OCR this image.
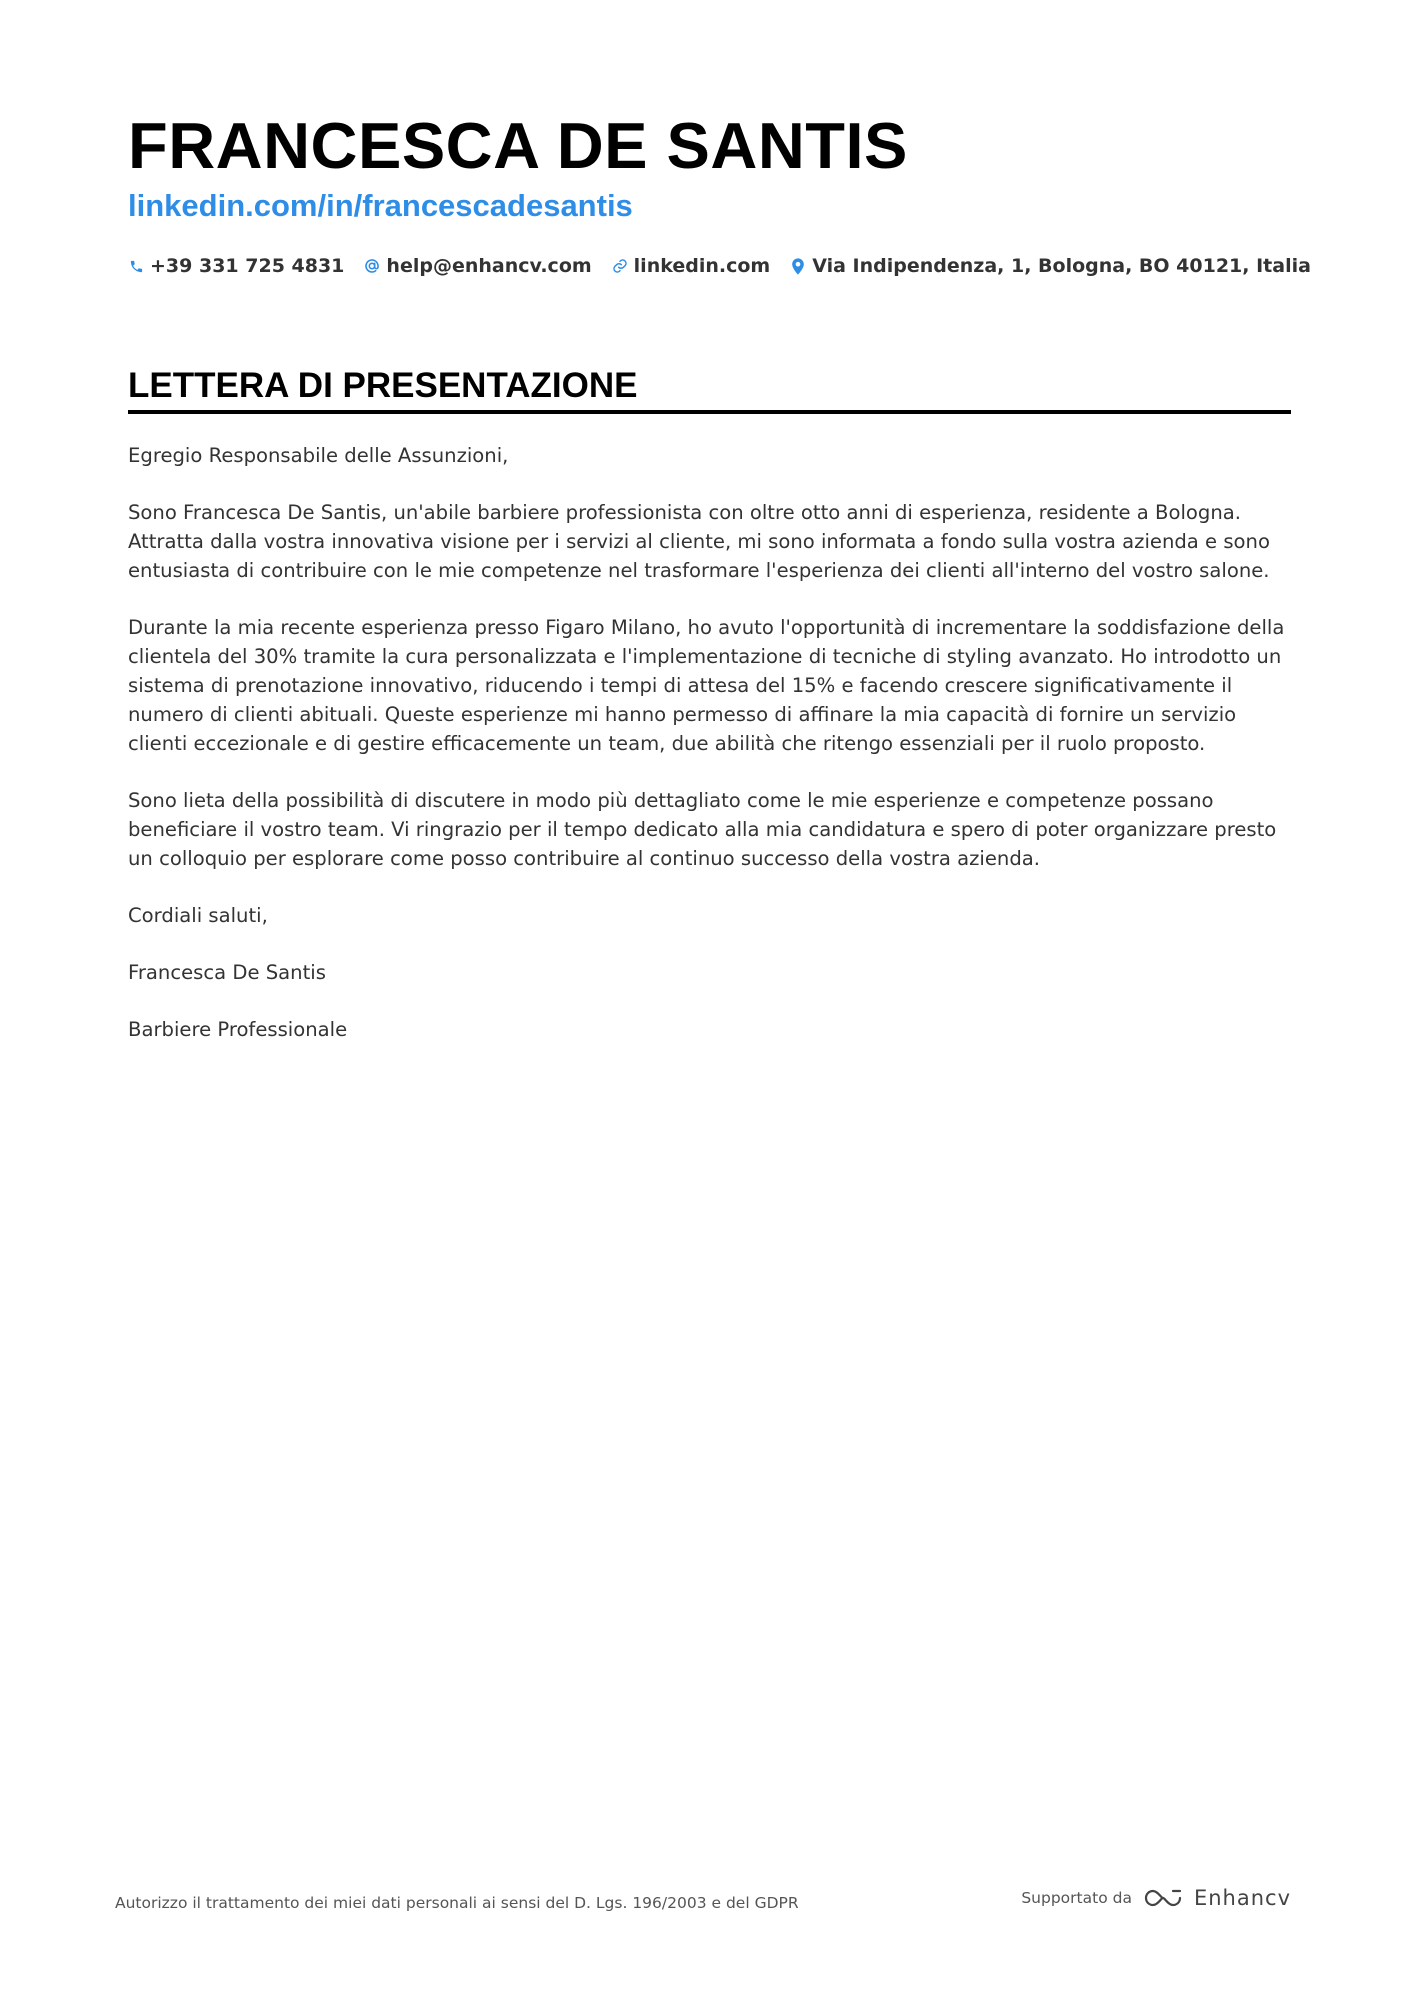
FRANCESCA DE SANTIS
linkedin.com/in/francescadesantis
+39 331 725 4831 help@enhancv.com linkedin.com Via Indipendenza, 1, Bologna, BO 40121, Italia
LETTERA DI PRESENTAZIONE

Egregio Responsabile delle Assunzioni,

Sono Francesca De Santis, un'abile barbiere professionista con oltre otto anni di esperienza, residente a Bologna. Attratta dalla vostra innovativa visione per i servizi al cliente, mi sono informata a fondo sulla vostra azienda e sono entusiasta di contribuire con le mie competenze nel trasformare l'esperienza dei clienti all'interno del vostro salone.

Durante la mia recente esperienza presso Figaro Milano, ho avuto l'opportunità di incrementare la soddisfazione della clientela del 30% tramite la cura personalizzata e l'implementazione di tecniche di styling avanzato. Ho introdotto un sistema di prenotazione innovativo, riducendo i tempi di attesa del 15% e facendo crescere significativamente il numero di clienti abituali. Queste esperienze mi hanno permesso di affinare la mia capacità di fornire un servizio clienti eccezionale e di gestire efficacemente un team, due abilità che ritengo essenziali per il ruolo proposto.

Sono lieta della possibilità di discutere in modo più dettagliato come le mie esperienze e competenze possano beneficiare il vostro team. Vi ringrazio per il tempo dedicato alla mia candidatura e spero di poter organizzare presto un colloquio per esplorare come posso contribuire al continuo successo della vostra azienda.

Cordiali saluti,

Francesca De Santis

Barbiere Professionale

Autorizzo il trattamento dei miei dati personali ai sensi del D. Lgs. 196/2003 e del GDPR	Supportato da	Enhancv
